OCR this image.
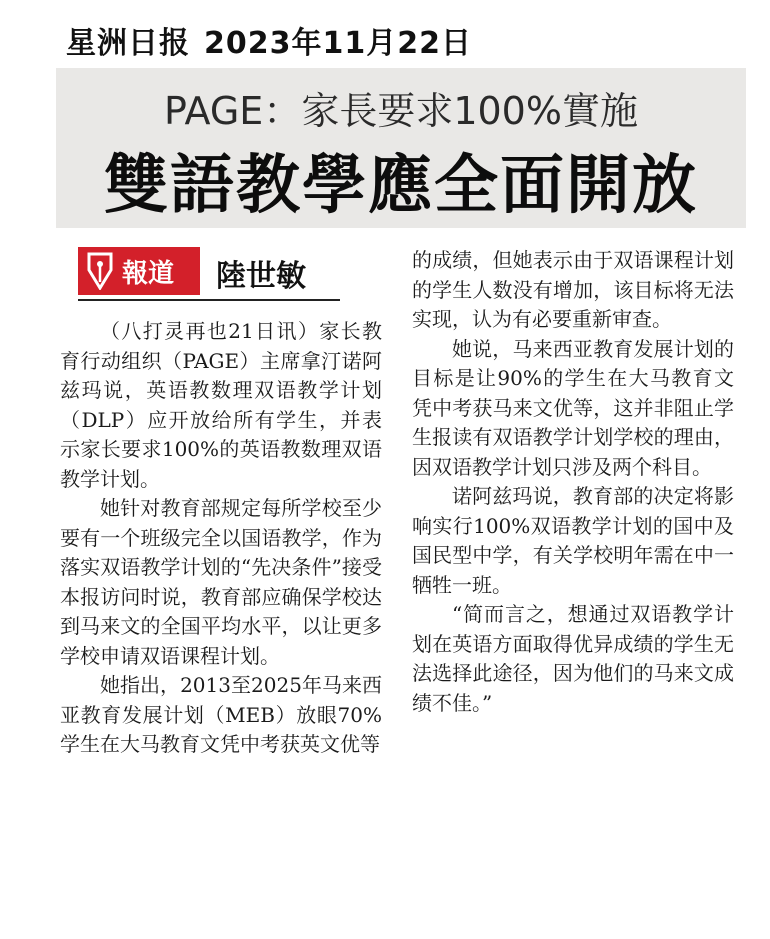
星洲日报 2023年11月22日
PAGE：家長要求100%實施
雙語教學應全面開放
報道 陸世敏

（八打灵再也21日讯）家长教育行动组织（PAGE）主席拿汀诺阿兹玛说，英语教数理双语教学计划（DLP）应开放给所有学生，并表示家长要求100%的英语教数理双语教学计划。

她针对教育部规定每所学校至少要有一个班级完全以国语教学，作为落实双语教学计划的“先决条件”接受本报访问时说，教育部应确保学校达到马来文的全国平均水平，以让更多学校申请双语课程计划。

她指出，2013至2025年马来西亚教育发展计划（MEB）放眼70%学生在大马教育文凭中考获英文优等

的成绩，但她表示由于双语课程计划的学生人数没有增加，该目标将无法实现，认为有必要重新审查。

她说，马来西亚教育发展计划的目标是让90%的学生在大马教育文凭中考获马来文优等，这并非阻止学生报读有双语教学计划学校的理由，因双语教学计划只涉及两个科目。

诺阿兹玛说，教育部的决定将影响实行100%双语教学计划的国中及国民型中学，有关学校明年需在中一牺牲一班。

“简而言之，想通过双语教学计划在英语方面取得优异成绩的学生无法选择此途径，因为他们的马来文成绩不佳。”
